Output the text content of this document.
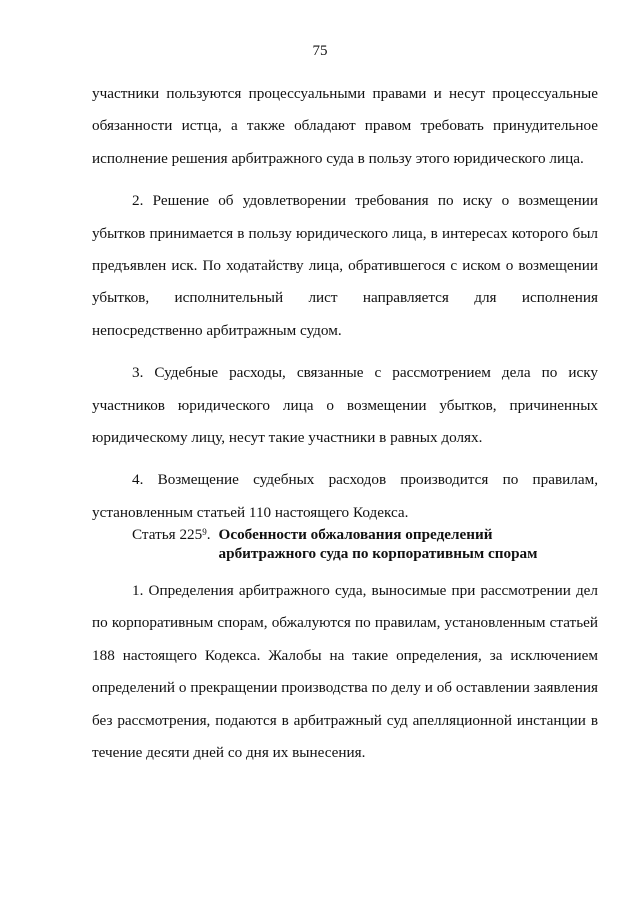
75

участники пользуются процессуальными правами и несут процессуальные

обязанности истца, а также обладают правом требовать принудительное

исполнение решения арбитражного суда в пользу этого юридического лица.

2. Решение об удовлетворении требования по иску о возмещении

убытков принимается в пользу юридического лица, в интересах которого был

предъявлен иск. По ходатайству лица, обратившегося с иском о возмещении

убытков, исполнительный лист направляется для исполнения

непосредственно арбитражным судом.

3. Судебные расходы, связанные с рассмотрением дела по иску

участников юридического лица о возмещении убытков, причиненных

юридическому лицу, несут такие участники в равных долях.

4. Возмещение судебных расходов производится по правилам,

установленным статьей 110 настоящего Кодекса.

Статья $225^9$. Особенности обжалования определений
арбитражного суда по корпоративным спорам

1. Определения арбитражного суда, выносимые при рассмотрении дел

по корпоративным спорам, обжалуются по правилам, установленным статьей

188 настоящего Кодекса. Жалобы на такие определения, за исключением

определений о прекращении производства по делу и об оставлении заявления

без рассмотрения, подаются в арбитражный суд апелляционной инстанции в

течение десяти дней со дня их вынесения.
